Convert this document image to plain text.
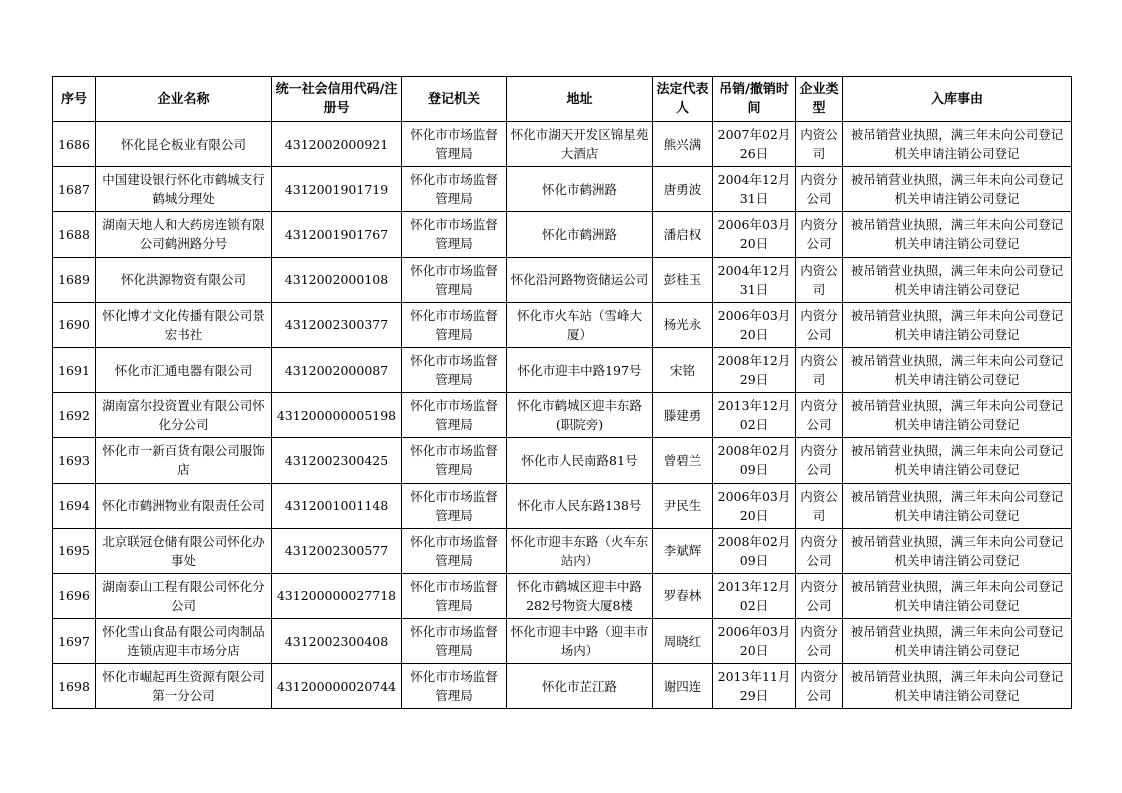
序号	企业名称	统一社会信用代码/注册号	登记机关	地址	法定代表人	吊销/撤销时间	企业类型	入库事由
1686	怀化昆仑板业有限公司	4312002000921	怀化市市场监督管理局	怀化市湖天开发区锦星苑大酒店	熊兴满	2007年02月26日	内资公司	被吊销营业执照，满三年未向公司登记机关申请注销公司登记
1687	中国建设银行怀化市鹤城支行鹤城分理处	4312001901719	怀化市市场监督管理局	怀化市鹤洲路	唐勇波	2004年12月31日	内资分公司	被吊销营业执照，满三年未向公司登记机关申请注销公司登记
1688	湖南天地人和大药房连锁有限公司鹤洲路分号	4312001901767	怀化市市场监督管理局	怀化市鹤洲路	潘启权	2006年03月20日	内资分公司	被吊销营业执照，满三年未向公司登记机关申请注销公司登记
1689	怀化洪源物资有限公司	4312002000108	怀化市市场监督管理局	怀化沿河路物资储运公司	彭桂玉	2004年12月31日	内资公司	被吊销营业执照，满三年未向公司登记机关申请注销公司登记
1690	怀化博才文化传播有限公司景宏书社	4312002300377	怀化市市场监督管理局	怀化市火车站（雪峰大厦）	杨光永	2006年03月20日	内资分公司	被吊销营业执照，满三年未向公司登记机关申请注销公司登记
1691	怀化市汇通电器有限公司	4312002000087	怀化市市场监督管理局	怀化市迎丰中路197号	宋铭	2008年12月29日	内资公司	被吊销营业执照，满三年未向公司登记机关申请注销公司登记
1692	湖南富尔投资置业有限公司怀化分公司	431200000005198	怀化市市场监督管理局	怀化市鹤城区迎丰东路(职院旁)	滕建勇	2013年12月02日	内资分公司	被吊销营业执照，满三年未向公司登记机关申请注销公司登记
1693	怀化市一新百货有限公司服饰店	4312002300425	怀化市市场监督管理局	怀化市人民南路81号	曾碧兰	2008年02月09日	内资分公司	被吊销营业执照，满三年未向公司登记机关申请注销公司登记
1694	怀化市鹤洲物业有限责任公司	4312001001148	怀化市市场监督管理局	怀化市人民东路138号	尹民生	2006年03月20日	内资公司	被吊销营业执照，满三年未向公司登记机关申请注销公司登记
1695	北京联冠仓储有限公司怀化办事处	4312002300577	怀化市市场监督管理局	怀化市迎丰东路（火车东站内）	李斌辉	2008年02月09日	内资分公司	被吊销营业执照，满三年未向公司登记机关申请注销公司登记
1696	湖南泰山工程有限公司怀化分公司	431200000027718	怀化市市场监督管理局	怀化市鹤城区迎丰中路282号物资大厦8楼	罗春林	2013年12月02日	内资分公司	被吊销营业执照，满三年未向公司登记机关申请注销公司登记
1697	怀化雪山食品有限公司肉制品连锁店迎丰市场分店	4312002300408	怀化市市场监督管理局	怀化市迎丰中路（迎丰市场内）	周晓红	2006年03月20日	内资分公司	被吊销营业执照，满三年未向公司登记机关申请注销公司登记
1698	怀化市崛起再生资源有限公司第一分公司	431200000020744	怀化市市场监督管理局	怀化市芷江路	谢四连	2013年11月29日	内资分公司	被吊销营业执照，满三年未向公司登记机关申请注销公司登记
